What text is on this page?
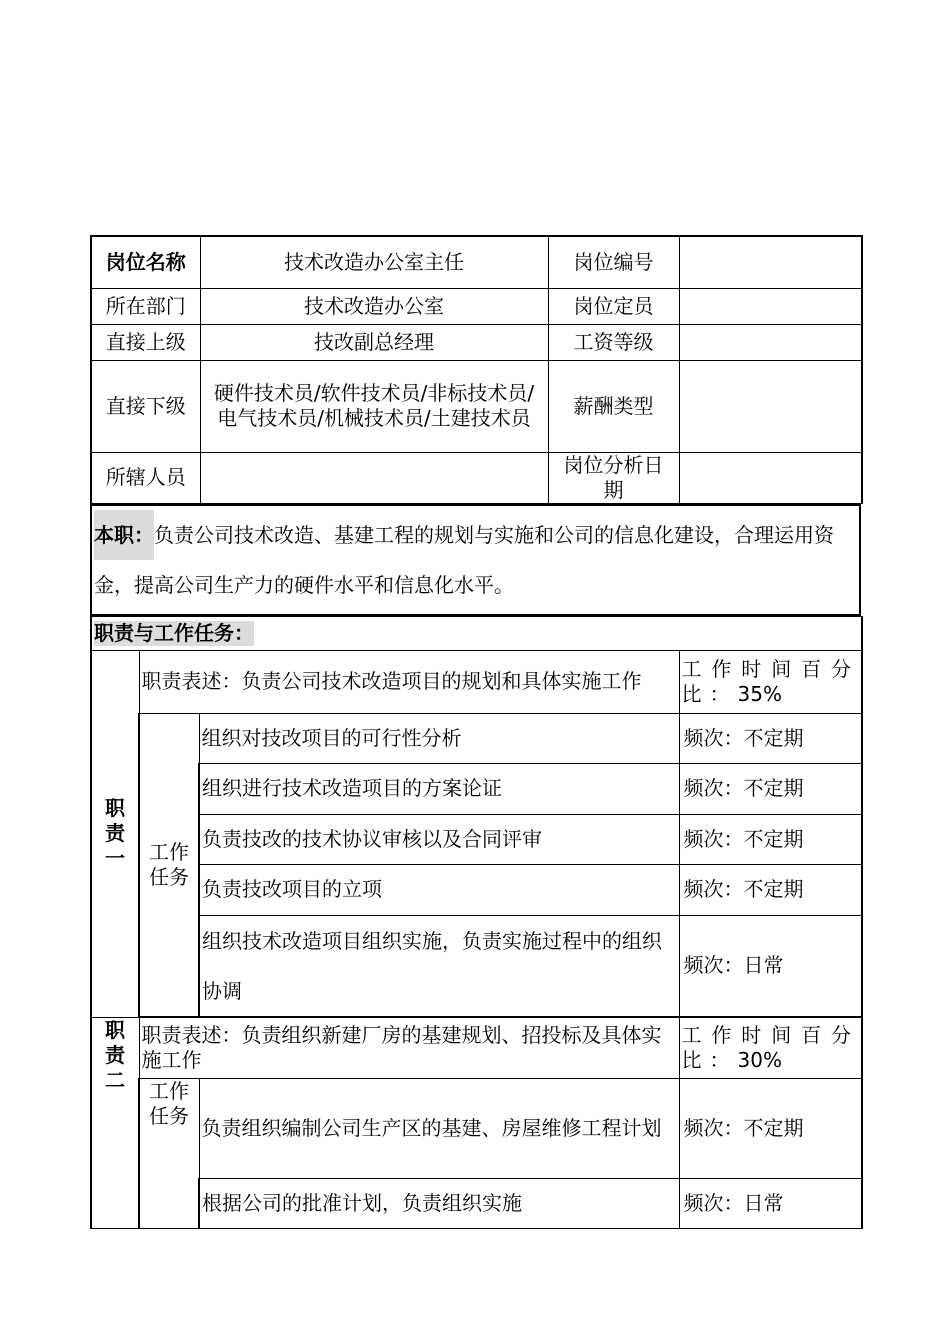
岗位名称	技术改造办公室主任	岗位编号	
所在部门	技术改造办公室	岗位定员	
直接上级	技改副总经理	工资等级	
直接下级	硬件技术员/软件技术员/非标技术员/电气技术员/机械技术员/土建技术员	薪酬类型	
所辖人员		岗位分析日期	
本职：负责公司技术改造、基建工程的规划与实施和公司的信息化建设，合理运用资金，提高公司生产力的硬件水平和信息化水平。
职责与工作任务：			

职责一	职责表述：负责公司技术改造项目的规划和具体实施工作		工作时间百分比：35%

	工作任务	组织对技改项目的可行性分析	频次：不定期
		组织进行技术改造项目的方案论证	频次：不定期
		负责技改的技术协议审核以及合同评审	频次：不定期
		负责技改项目的立项	频次：不定期
		组织技术改造项目组织实施，负责实施过程中的组织协调	频次：日常

职责二	职责表述：负责组织新建厂房的基建规划、招投标及具体实施工作		工作时间百分比：30%

	工作任务	负责组织编制公司生产区的基建、房屋维修工程计划	频次：不定期
		根据公司的批准计划，负责组织实施	频次：日常
